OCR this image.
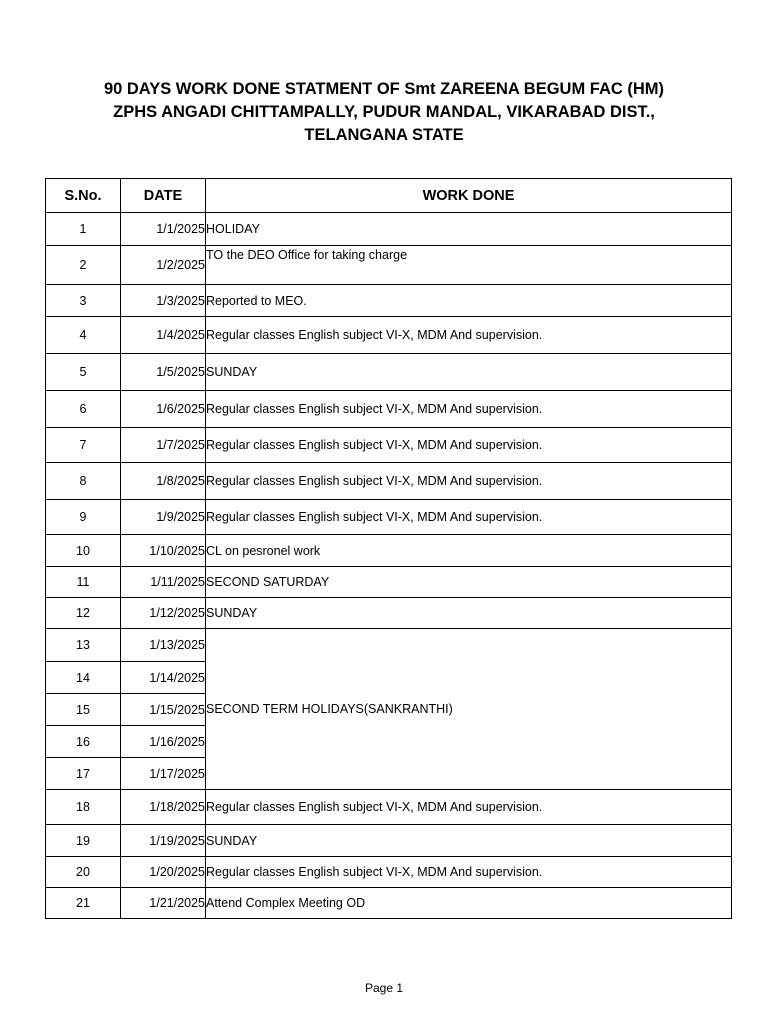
90 DAYS WORK DONE STATMENT OF Smt ZAREENA BEGUM FAC (HM)
ZPHS ANGADI CHITTAMPALLY, PUDUR MANDAL, VIKARABAD DIST.,
TELANGANA STATE
S.No.	DATE	WORK DONE
1	1/1/2025	HOLIDAY
2	1/2/2025	TO the DEO Office for taking charge
3	1/3/2025	Reported to MEO.
4	1/4/2025	Regular classes English subject VI-X, MDM And supervision.
5	1/5/2025	SUNDAY
6	1/6/2025	Regular classes English subject VI-X, MDM And supervision.
7	1/7/2025	Regular classes English subject VI-X, MDM And supervision.
8	1/8/2025	Regular classes English subject VI-X, MDM And supervision.
9	1/9/2025	Regular classes English subject VI-X, MDM And supervision.
10	1/10/2025	CL on pesronel work
11	1/11/2025	SECOND SATURDAY
12	1/12/2025	SUNDAY
13	1/13/2025	SECOND TERM HOLIDAYS(SANKRANTHI)
14	1/14/2025	
15	1/15/2025	
16	1/16/2025	
17	1/17/2025	
18	1/18/2025	Regular classes English subject VI-X, MDM And supervision.
19	1/19/2025	SUNDAY
20	1/20/2025	Regular classes English subject VI-X, MDM And supervision.
21	1/21/2025	Attend Complex Meeting OD
Page 1
